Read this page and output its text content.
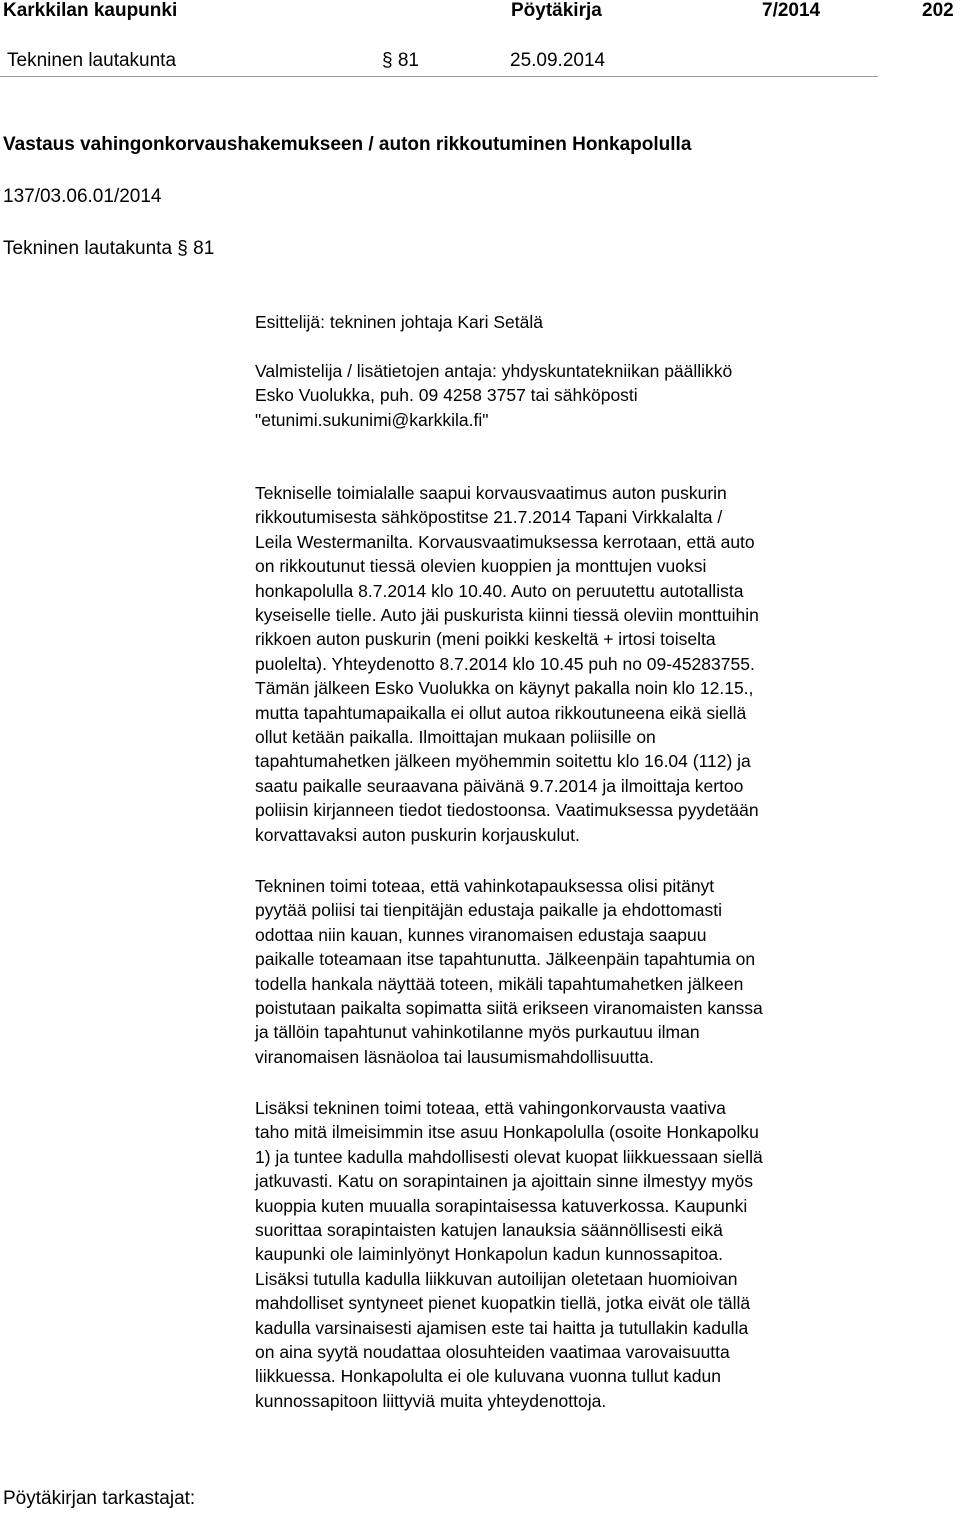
Karkkilan kaupunki	Pöytäkirja	7/2014	202
Tekninen lautakunta	§ 81	25.09.2014
Vastaus vahingonkorvaushakemukseen / auton rikkoutuminen Honkapolulla
137/03.06.01/2014
Tekninen lautakunta § 81

Esittelijä: tekninen johtaja Kari Setälä

Valmistelija / lisätietojen antaja: yhdyskuntatekniikan päällikkö
Esko Vuolukka, puh. 09 4258 3757 tai sähköposti
"etunimi.sukunimi@karkkila.fi"

Tekniselle toimialalle saapui korvausvaatimus auton puskurin
rikkoutumisesta sähköpostitse 21.7.2014 Tapani Virkkalalta /
Leila Westermanilta. Korvausvaatimuksessa kerrotaan, että auto
on rikkoutunut tiessä olevien kuoppien ja monttujen vuoksi
honkapolulla 8.7.2014 klo 10.40. Auto on peruutettu autotallista
kyseiselle tielle. Auto jäi puskurista kiinni tiessä oleviin monttuihin
rikkoen auton puskurin (meni poikki keskeltä + irtosi toiselta
puolelta). Yhteydenotto 8.7.2014 klo 10.45 puh no 09-45283755.
Tämän jälkeen Esko Vuolukka on käynyt pakalla noin klo 12.15.,
mutta tapahtumapaikalla ei ollut autoa rikkoutuneena eikä siellä
ollut ketään paikalla. Ilmoittajan mukaan poliisille on
tapahtumahetken jälkeen myöhemmin soitettu klo 16.04 (112) ja
saatu paikalle seuraavana päivänä 9.7.2014 ja ilmoittaja kertoo
poliisin kirjanneen tiedot tiedostoonsa. Vaatimuksessa pyydetään
korvattavaksi auton puskurin korjauskulut.

Tekninen toimi toteaa, että vahinkotapauksessa olisi pitänyt
pyytää poliisi tai tienpitäjän edustaja paikalle ja ehdottomasti
odottaa niin kauan, kunnes viranomaisen edustaja saapuu
paikalle toteamaan itse tapahtunutta. Jälkeenpäin tapahtumia on
todella hankala näyttää toteen, mikäli tapahtumahetken jälkeen
poistutaan paikalta sopimatta siitä erikseen viranomaisten kanssa
ja tällöin tapahtunut vahinkotilanne myös purkautuu ilman
viranomaisen läsnäoloa tai lausumismahdollisuutta.

Lisäksi tekninen toimi toteaa, että vahingonkorvausta vaativa
taho mitä ilmeisimmin itse asuu Honkapolulla (osoite Honkapolku
1) ja tuntee kadulla mahdollisesti olevat kuopat liikkuessaan siellä
jatkuvasti. Katu on sorapintainen ja ajoittain sinne ilmestyy myös
kuoppia kuten muualla sorapintaisessa katuverkossa. Kaupunki
suorittaa sorapintaisten katujen lanauksia säännöllisesti eikä
kaupunki ole laiminlyönyt Honkapolun kadun kunnossapitoa.
Lisäksi tutulla kadulla liikkuvan autoilijan oletetaan huomioivan
mahdolliset syntyneet pienet kuopatkin tiellä, jotka eivät ole tällä
kadulla varsinaisesti ajamisen este tai haitta ja tutullakin kadulla
on aina syytä noudattaa olosuhteiden vaatimaa varovaisuutta
liikkuessa. Honkapolulta ei ole kuluvana vuonna tullut kadun
kunnossapitoon liittyviä muita yhteydenottoja.

Pöytäkirjan tarkastajat:
